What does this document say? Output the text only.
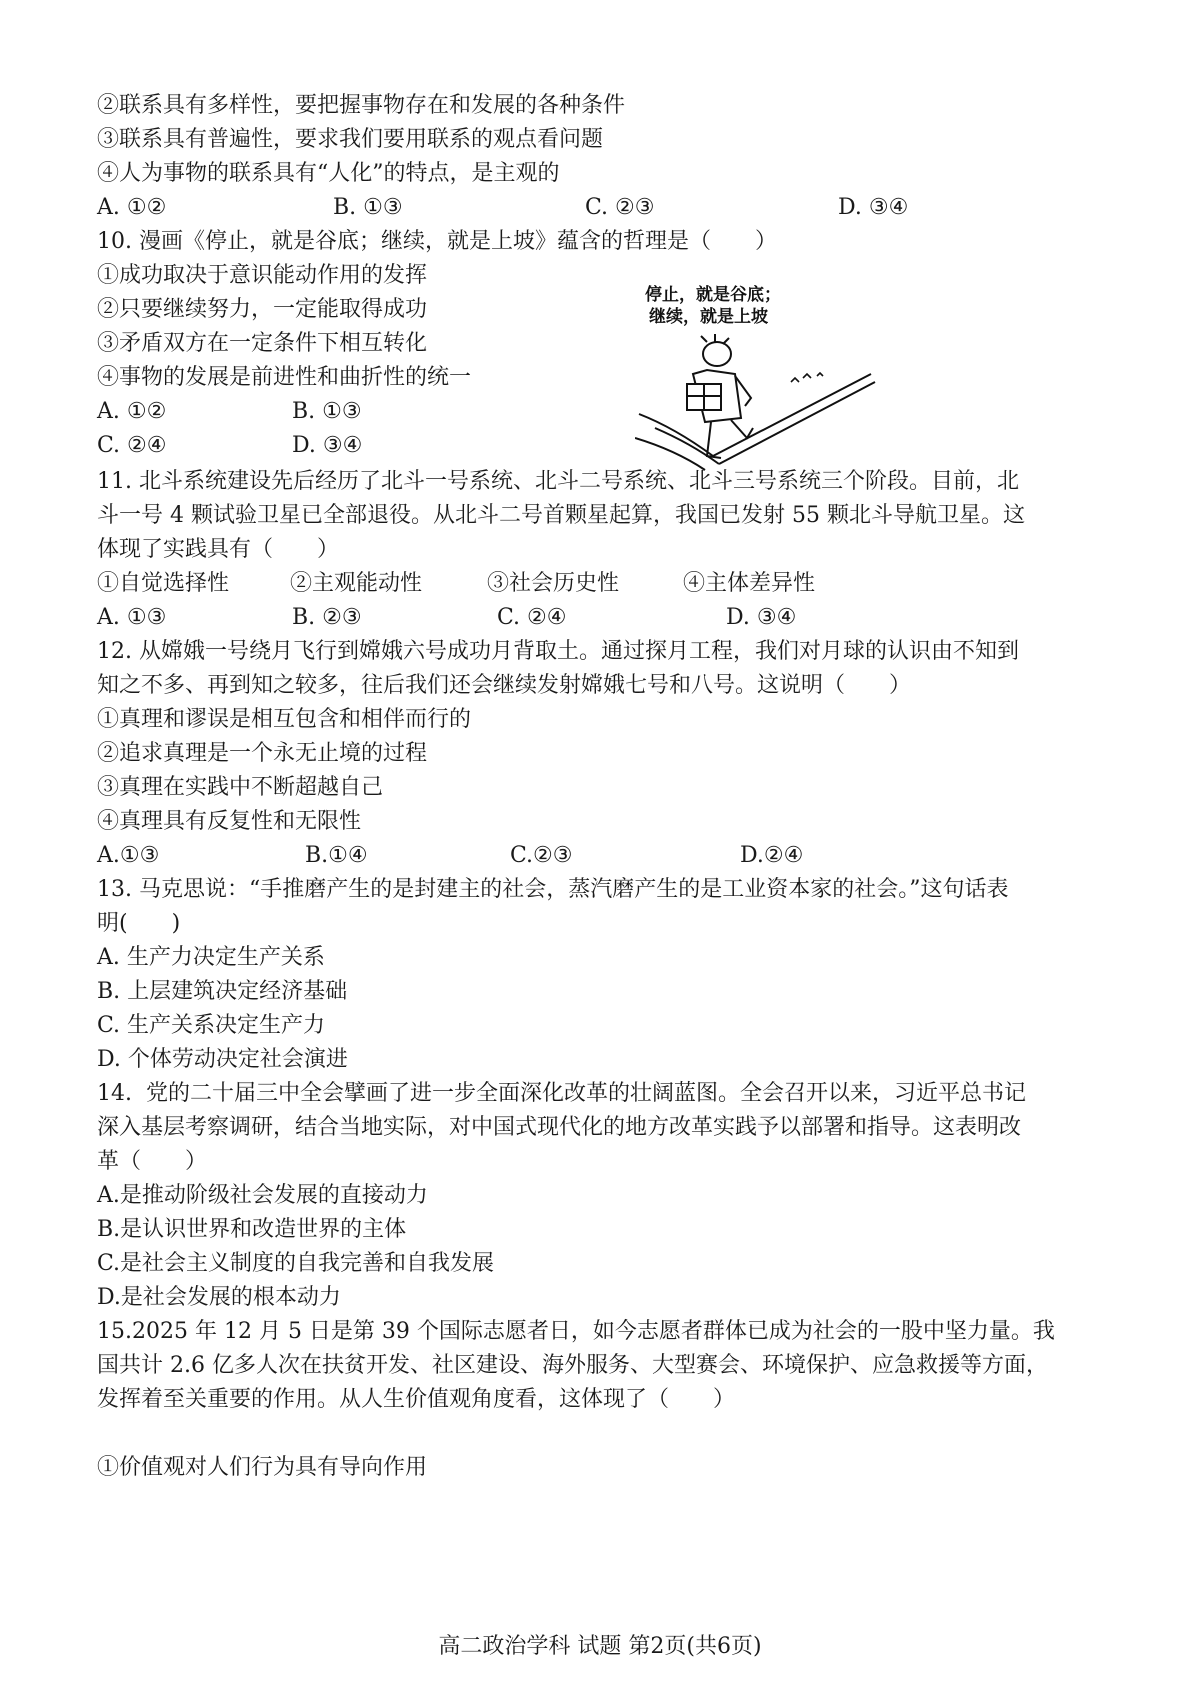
②联系具有多样性，要把握事物存在和发展的各种条件
③联系具有普遍性，要求我们要用联系的观点看问题
④人为事物的联系具有“人化”的特点，是主观的
A. ①②	B. ①③	C. ②③	D. ③④
10. 漫画《停止，就是谷底；继续，就是上坡》蕴含的哲理是（　　）
①成功取决于意识能动作用的发挥
②只要继续努力，一定能取得成功
③矛盾双方在一定条件下相互转化
④事物的发展是前进性和曲折性的统一
A. ①②	B. ①③
C. ②④	D. ③④
停止，就是谷底；
继续，就是上坡
11. 北斗系统建设先后经历了北斗一号系统、北斗二号系统、北斗三号系统三个阶段。目前，北
斗一号 4 颗试验卫星已全部退役。从北斗二号首颗星起算，我国已发射 55 颗北斗导航卫星。这
体现了实践具有（　　）
①自觉选择性	②主观能动性	③社会历史性	④主体差异性
A. ①③	B. ②③	C. ②④	D. ③④
12. 从嫦娥一号绕月飞行到嫦娥六号成功月背取土。通过探月工程，我们对月球的认识由不知到
知之不多、再到知之较多，往后我们还会继续发射嫦娥七号和八号。这说明（　　）
①真理和谬误是相互包含和相伴而行的
②追求真理是一个永无止境的过程
③真理在实践中不断超越自己
④真理具有反复性和无限性
A.①③	B.①④	C.②③	D.②④
13. 马克思说：“手推磨产生的是封建主的社会，蒸汽磨产生的是工业资本家的社会。”这句话表
明(　　)
A. 生产力决定生产关系
B. 上层建筑决定经济基础
C. 生产关系决定生产力
D. 个体劳动决定社会演进
14.  党的二十届三中全会擘画了进一步全面深化改革的壮阔蓝图。全会召开以来，习近平总书记
深入基层考察调研，结合当地实际，对中国式现代化的地方改革实践予以部署和指导。这表明改
革（　　）
A.是推动阶级社会发展的直接动力
B.是认识世界和改造世界的主体
C.是社会主义制度的自我完善和自我发展
D.是社会发展的根本动力
15.2025 年 12 月 5 日是第 39 个国际志愿者日，如今志愿者群体已成为社会的一股中坚力量。我
国共计 2.6 亿多人次在扶贫开发、社区建设、海外服务、大型赛会、环境保护、应急救援等方面，
发挥着至关重要的作用。从人生价值观角度看，这体现了（　　）
①价值观对人们行为具有导向作用
高二政治学科 试题 第2页(共6页)
